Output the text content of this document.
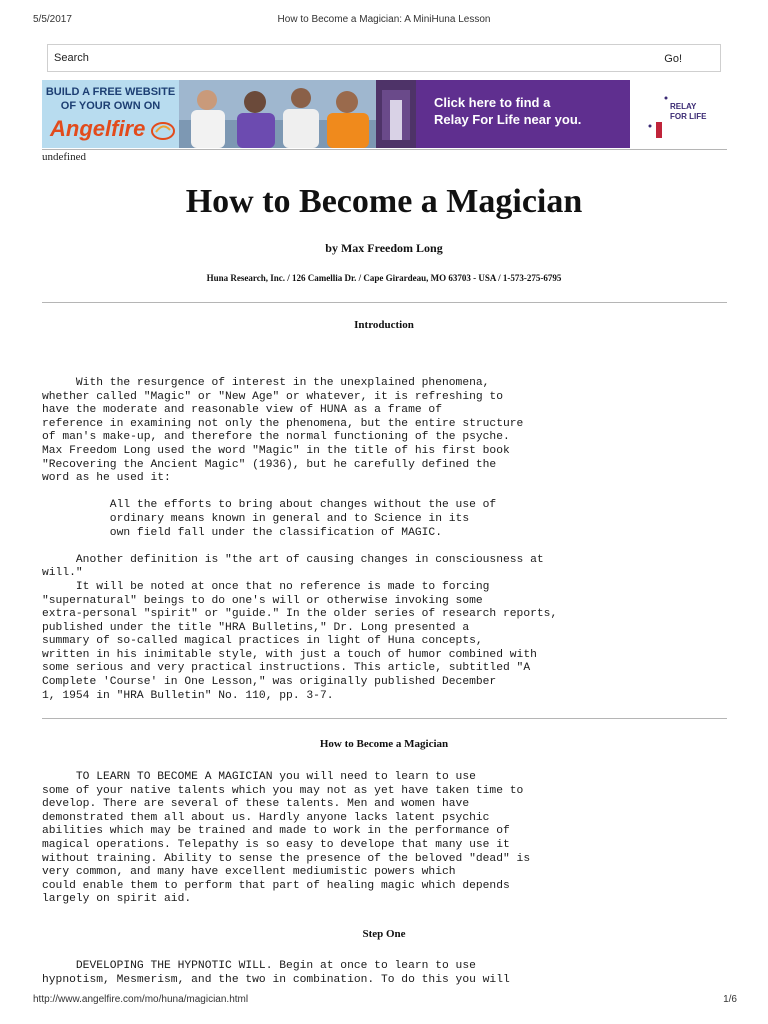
5/5/2017	How to Become a Magician: A MiniHuna Lesson
Search	Go!
BUILD A FREE WEBSITE
OF YOUR OWN ON
Angelfire
Click here to find a
Relay For Life near you.
RELAY
FOR LIFE
undefined
How to Become a Magician
by Max Freedom Long
Huna Research, Inc. / 126 Camellia Dr. / Cape Girardeau, MO 63703 - USA / 1-573-275-6795
Introduction
With the resurgence of interest in the unexplained phenomena,
whether called "Magic" or "New Age" or whatever, it is refreshing to
have the moderate and reasonable view of HUNA as a frame of
reference in examining not only the phenomena, but the entire structure
of man's make-up, and therefore the normal functioning of the psyche.
Max Freedom Long used the word "Magic" in the title of his first book
"Recovering the Ancient Magic" (1936), but he carefully defined the
word as he used it:

All the efforts to bring about changes without the use of
ordinary means known in general and to Science in its
own field fall under the classification of MAGIC.

Another definition is "the art of causing changes in consciousness at
will."
It will be noted at once that no reference is made to forcing
"supernatural" beings to do one's will or otherwise invoking some
extra-personal "spirit" or "guide." In the older series of research reports,
published under the title "HRA Bulletins," Dr. Long presented a
summary of so-called magical practices in light of Huna concepts,
written in his inimitable style, with just a touch of humor combined with
some serious and very practical instructions. This article, subtitled "A
Complete 'Course' in One Lesson," was originally published December
1, 1954 in "HRA Bulletin" No. 110, pp. 3-7.
How to Become a Magician
TO LEARN TO BECOME A MAGICIAN you will need to learn to use
some of your native talents which you may not as yet have taken time to
develop. There are several of these talents. Men and women have
demonstrated them all about us. Hardly anyone lacks latent psychic
abilities which may be trained and made to work in the performance of
magical operations. Telepathy is so easy to develope that many use it
without training. Ability to sense the presence of the beloved "dead" is
very common, and many have excellent mediumistic powers which
could enable them to perform that part of healing magic which depends
largely on spirit aid.
Step One
DEVELOPING THE HYPNOTIC WILL. Begin at once to learn to use
hypnotism, Mesmerism, and the two in combination. To do this you will
http://www.angelfire.com/mo/huna/magician.html	1/6
